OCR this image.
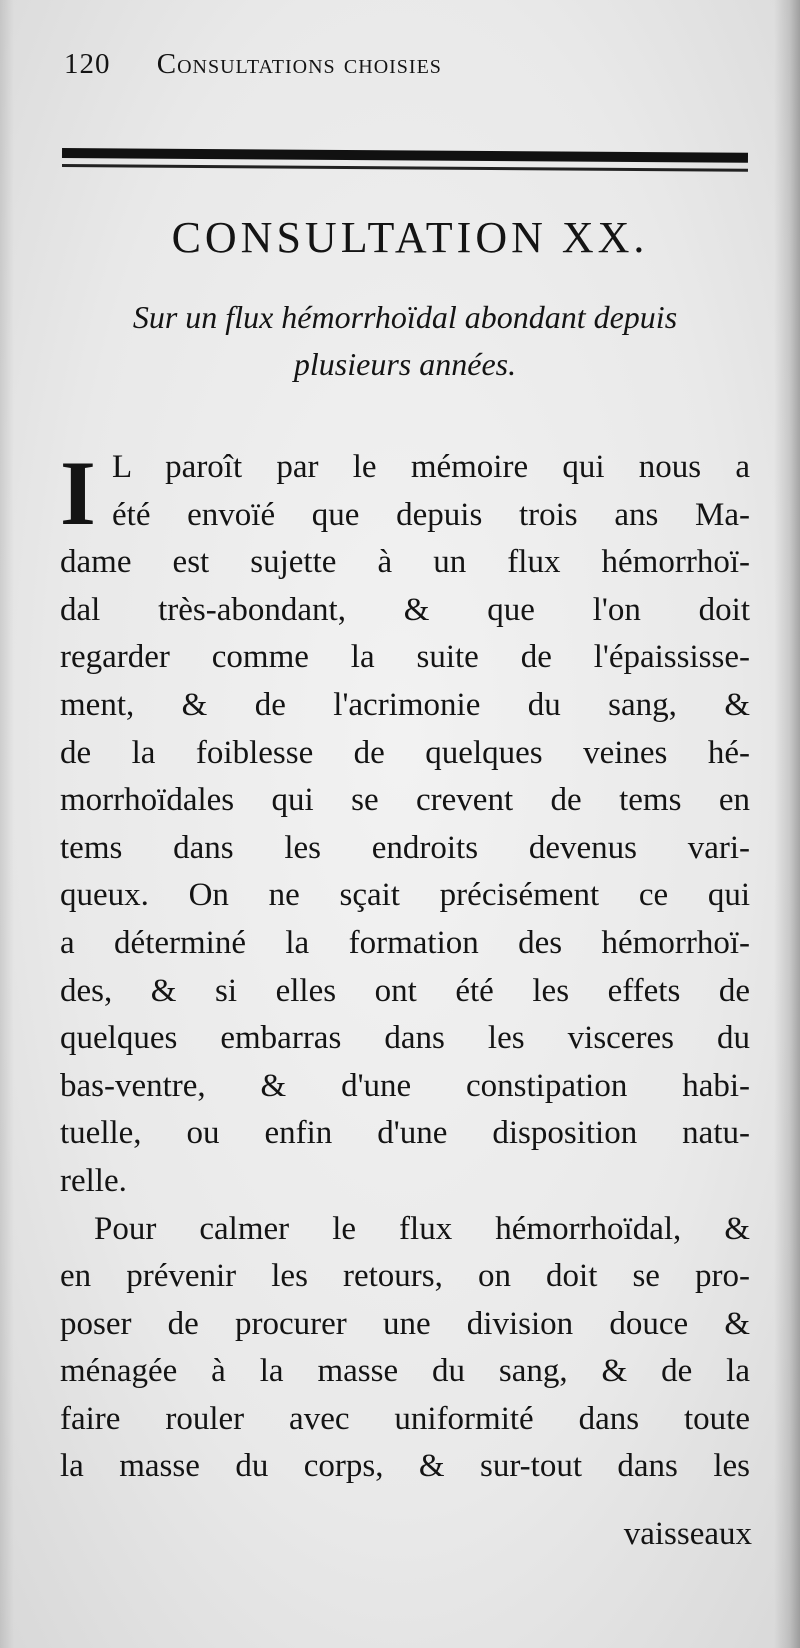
120 Consultations choisies
CONSULTATION XX.
Sur un flux hémorrhoïdal abondant depuis
plusieurs années.
I L paroît par le mémoire qui nous a
été envoïé que depuis trois ans Ma-
dame est sujette à un flux hémorrhoï-
dal très-abondant, & que l'on doit
regarder comme la suite de l'épaississe-
ment, & de l'acrimonie du sang, &
de la foiblesse de quelques veines hé-
morrhoïdales qui se crevent de tems en
tems dans les endroits devenus vari-
queux. On ne sçait précisément ce qui
a déterminé la formation des hémorrhoï-
des, & si elles ont été les effets de
quelques embarras dans les visceres du
bas-ventre, & d'une constipation habi-
tuelle, ou enfin d'une disposition natu-
relle.
Pour calmer le flux hémorrhoïdal, &
en prévenir les retours, on doit se pro-
poser de procurer une division douce &
ménagée à la masse du sang, & de la
faire rouler avec uniformité dans toute
la masse du corps, & sur-tout dans les
vaisseaux
